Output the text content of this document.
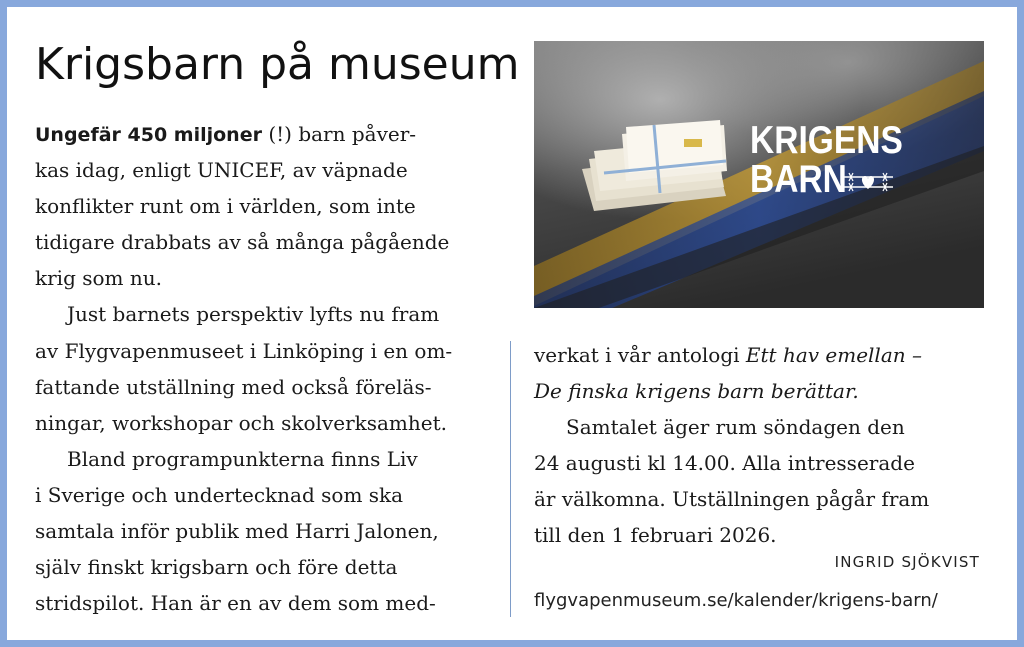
Krigsbarn på museum
Ungefär 450 miljoner (!) barn påver-
kas idag, enligt UNICEF, av väpnade
konflikter runt om i världen, som inte
tidigare drabbats av så många pågående
krig som nu.
Just barnets perspektiv lyfts nu fram
av Flygvapenmuseet i Linköping i en om-
fattande utställning med också föreläs-
ningar, workshopar och skolverksamhet.
Bland programpunkterna finns Liv
i Sverige och undertecknad som ska
samtala inför publik med Harri Jalonen,
själv finskt krigsbarn och före detta
stridspilot. Han är en av dem som med-
KRIGENS
BARN
verkat i vår antologi Ett hav emellan –
De finska krigens barn berättar.
Samtalet äger rum söndagen den
24 augusti kl 14.00. Alla intresserade
är välkomna. Utställningen pågår fram
till den 1 februari 2026.
INGRID SJÖKVIST
flygvapenmuseum.se/kalender/krigens-barn/
